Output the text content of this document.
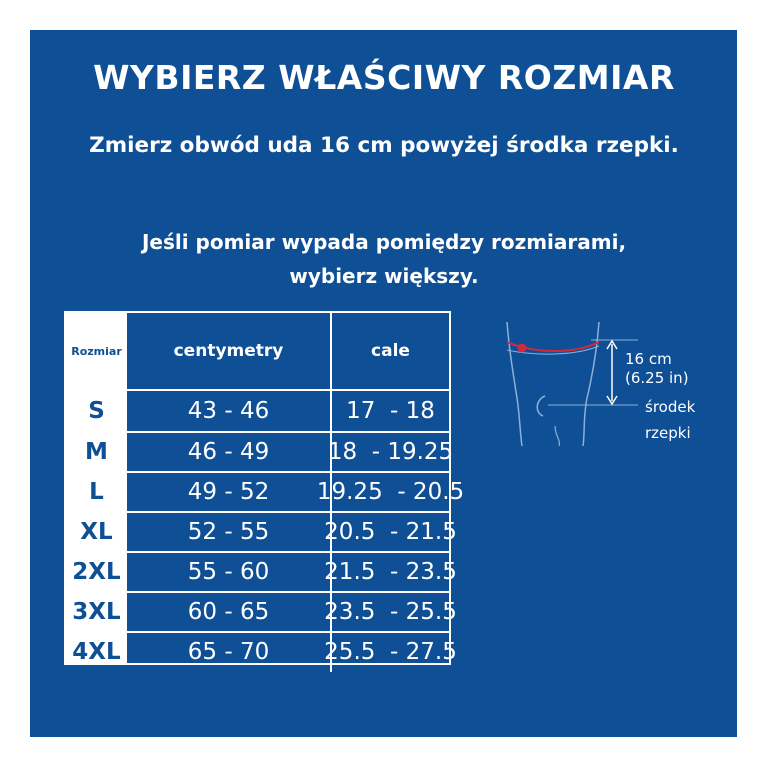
WYBIERZ WŁAŚCIWY ROZMIAR
Zmierz obwód uda 16 cm powyżej środka rzepki.
Jeśli pomiar wypada pomiędzy rozmiarami,
wybierz większy.
Rozmiar	centymetry	cale
S	43 - 46	17  - 18
M	46 - 49	18  - 19.25
L	49 - 52	19.25  - 20.5
XL	52 - 55	20.5  - 21.5
2XL	55 - 60	21.5  - 23.5
3XL	60 - 65	23.5  - 25.5
4XL	65 - 70	25.5  - 27.5
16 cm
(6.25 in)
środek
rzepki
